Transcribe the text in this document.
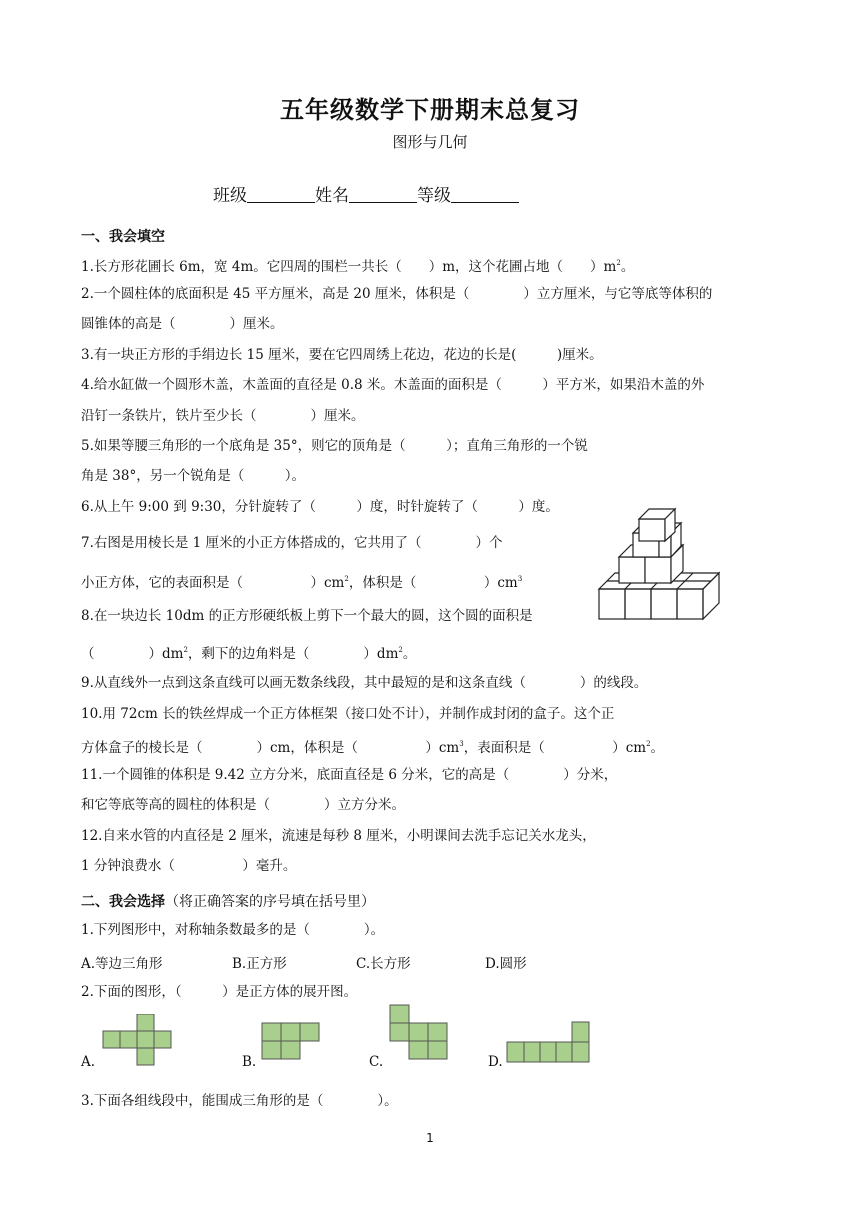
五年级数学下册期末总复习
图形与几何
班级	姓名	等级
一、我会填空
1.长方形花圃长 6m，宽 4m。它四周的围栏一共长（　　）m，这个花圃占地（　　）$m^2$。
2.一个圆柱体的底面积是 45 平方厘米，高是 20 厘米，体积是（　　　　）立方厘米，与它等底等体积的
圆锥体的高是（　　　　）厘米。
3.有一块正方形的手绢边长 15 厘米，要在它四周绣上花边，花边的长是(　　　)厘米。
4.给水缸做一个圆形木盖，木盖面的直径是 0.8 米。木盖面的面积是（　　　）平方米，如果沿木盖的外
沿钉一条铁片，铁片至少长（　　　　）厘米。
5.如果等腰三角形的一个底角是 35°，则它的顶角是（　　　）；直角三角形的一个锐
角是 38°，另一个锐角是（　　　）。
6.从上午 9:00 到 9:30，分针旋转了（　　　）度，时针旋转了（　　　）度。
7.右图是用棱长是 1 厘米的小正方体搭成的，它共用了（　　　　）个
小正方体，它的表面积是（　　　　　）$cm^2$，体积是（　　　　　）$cm^3$
8.在一块边长 10dm 的正方形硬纸板上剪下一个最大的圆，这个圆的面积是
（　　　　）$dm^2$，剩下的边角料是（　　　　）$dm^2$。
9.从直线外一点到这条直线可以画无数条线段，其中最短的是和这条直线（　　　　）的线段。
10.用 72cm 长的铁丝焊成一个正方体框架（接口处不计），并制作成封闭的盒子。这个正
方体盒子的棱长是（　　　　）cm，体积是（　　　　　）$cm^3$，表面积是（　　　　　）$cm^2$。
11.一个圆锥的体积是 9.42 立方分米，底面直径是 6 分米，它的高是（　　　　）分米，
和它等底等高的圆柱的体积是（　　　　）立方分米。
12.自来水管的内直径是 2 厘米，流速是每秒 8 厘米，小明课间去洗手忘记关水龙头，
1 分钟浪费水（　　　　　）毫升。
二、我会选择（将正确答案的序号填在括号里）
1.下列图形中，对称轴条数最多的是（　　　　）。
A.等边三角形	B.正方形	C.长方形	D.圆形
2.下面的图形，（　　　）是正方体的展开图。
A.	B.	C.	D.
3.下面各组线段中，能围成三角形的是（　　　　）。
1
